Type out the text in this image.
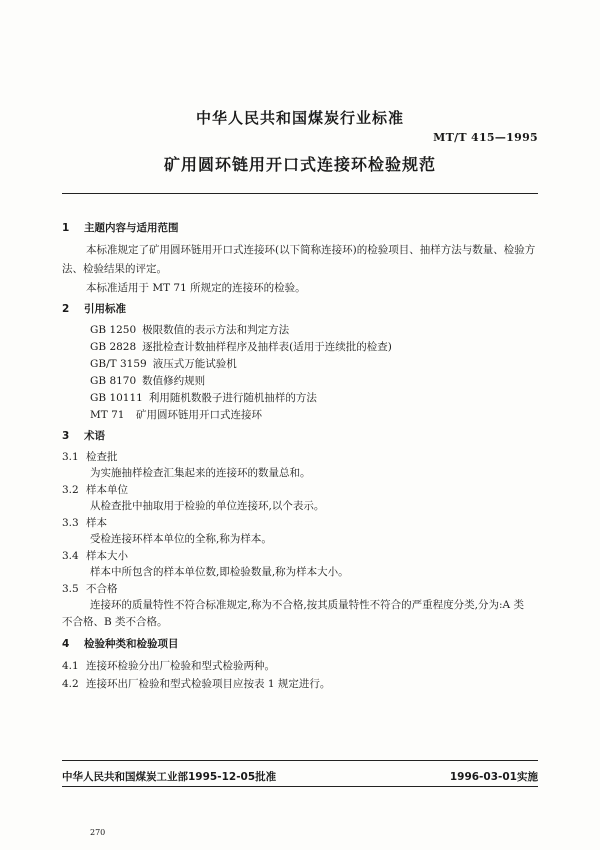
中华人民共和国煤炭行业标准
MT/T 415—1995
矿用圆环链用开口式连接环检验规范
1 主题内容与适用范围
本标准规定了矿用圆环链用开口式连接环(以下简称连接环)的检验项目、抽样方法与数量、检验方
法、检验结果的评定。
本标准适用于 MT 71 所规定的连接环的检验。
2 引用标准
GB 1250 极限数值的表示方法和判定方法
GB 2828 逐批检查计数抽样程序及抽样表(适用于连续批的检查)
GB/T 3159 液压式万能试验机
GB 8170 数值修约规则
GB 10111 利用随机数骰子进行随机抽样的方法
MT 71 矿用圆环链用开口式连接环
3 术语
3.1 检查批
为实施抽样检查汇集起来的连接环的数量总和。
3.2 样本单位
从检查批中抽取用于检验的单位连接环,以个表示。
3.3 样本
受检连接环样本单位的全称,称为样本。
3.4 样本大小
样本中所包含的样本单位数,即检验数量,称为样本大小。
3.5 不合格
连接环的质量特性不符合标准规定,称为不合格,按其质量特性不符合的严重程度分类,分为:A 类
不合格、B 类不合格。
4 检验种类和检验项目
4.1 连接环检验分出厂检验和型式检验两种。
4.2 连接环出厂检验和型式检验项目应按表 1 规定进行。
中华人民共和国煤炭工业部1995-12-05批准	1996-03-01实施
270
